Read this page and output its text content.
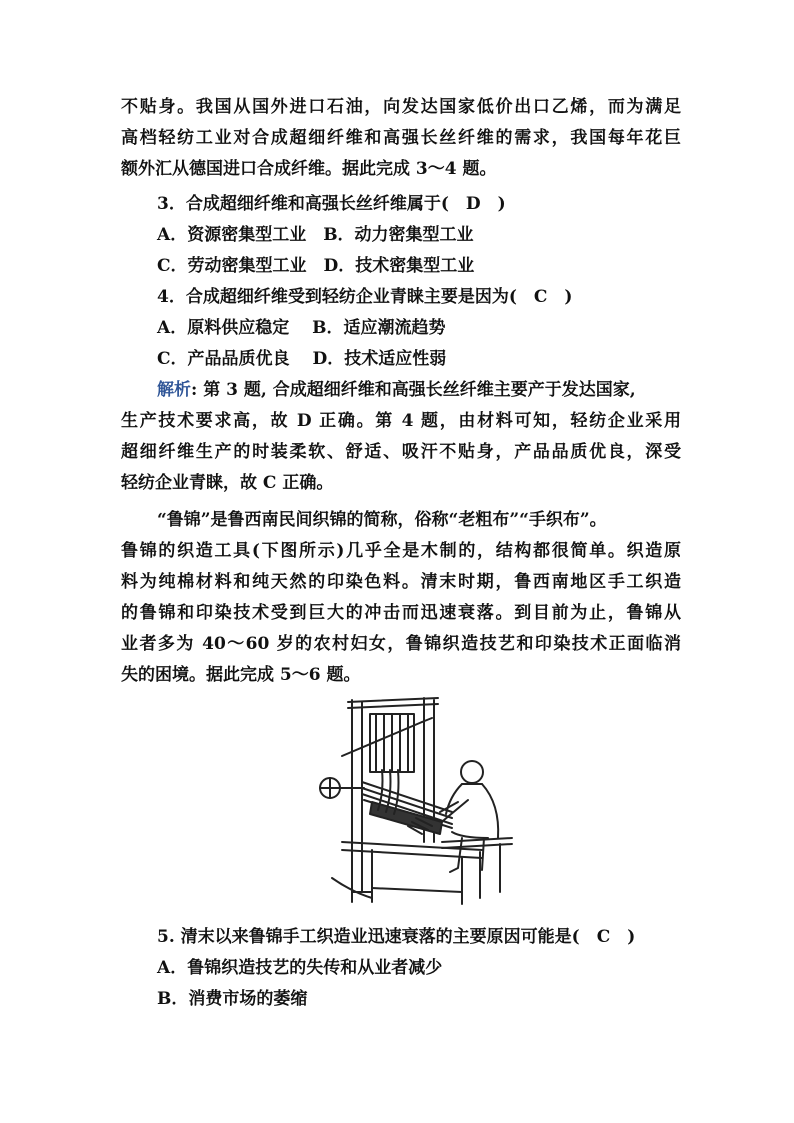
不贴身。我国从国外进口石油，向发达国家低价出口乙烯，而为满足
高档轻纺工业对合成超细纤维和高强长丝纤维的需求，我国每年花巨
额外汇从德国进口合成纤维。据此完成 3～4 题。
3．合成超细纤维和高强长丝纤维属于(　D　)
A．资源密集型工业　B．动力密集型工业
C．劳动密集型工业　D．技术密集型工业
4．合成超细纤维受到轻纺企业青睐主要是因为(　C　)
A．原料供应稳定　 B．适应潮流趋势
C．产品品质优良　 D．技术适应性弱
解析: 第 3 题, 合成超细纤维和高强长丝纤维主要产于发达国家,
生产技术要求高，故 D 正确。第 4 题，由材料可知，轻纺企业采用
超细纤维生产的时装柔软、舒适、吸汗不贴身，产品品质优良，深受
轻纺企业青睐，故 C 正确。
“鲁锦”是鲁西南民间织锦的简称，俗称“老粗布”“手织布”。
鲁锦的织造工具(下图所示)几乎全是木制的，结构都很简单。织造原
料为纯棉材料和纯天然的印染色料。清末时期，鲁西南地区手工织造
的鲁锦和印染技术受到巨大的冲击而迅速衰落。到目前为止，鲁锦从
业者多为 40～60 岁的农村妇女，鲁锦织造技艺和印染技术正面临消
失的困境。据此完成 5～6 题。
5. 清末以来鲁锦手工织造业迅速衰落的主要原因可能是(　C　)
A．鲁锦织造技艺的失传和从业者减少
B．消费市场的萎缩
